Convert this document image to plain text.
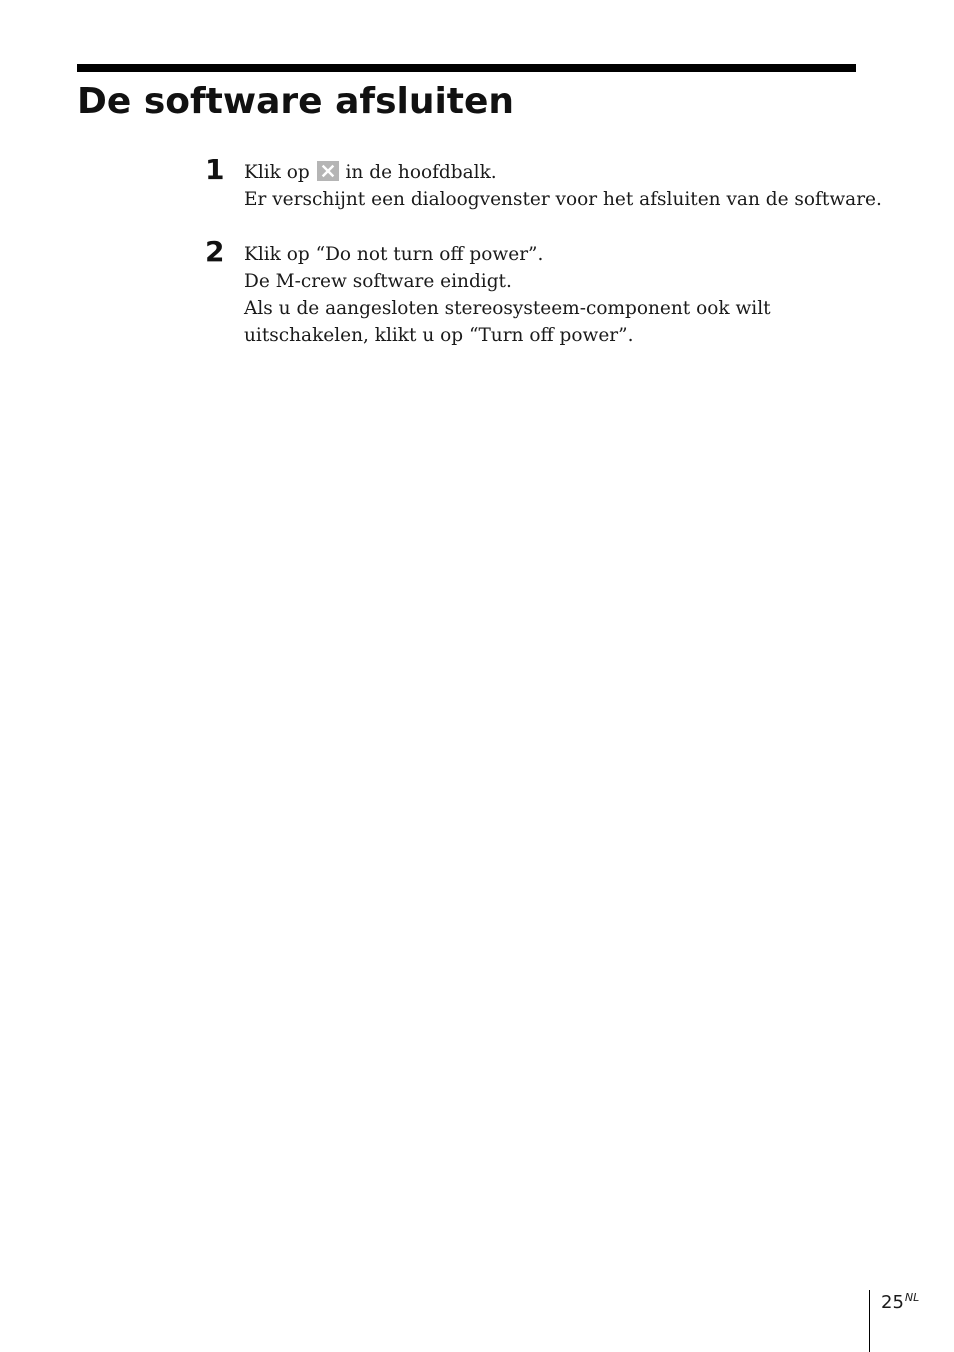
De software afsluiten
1	Klik op in de hoofdbalk.
Er verschijnt een dialoogvenster voor het afsluiten van de software.
2	Klik op “Do not turn off power”.
De M-crew software eindigt.
Als u de aangesloten stereosysteem-component ook wilt
uitschakelen, klikt u op “Turn off power”.
$25^{NL}$
